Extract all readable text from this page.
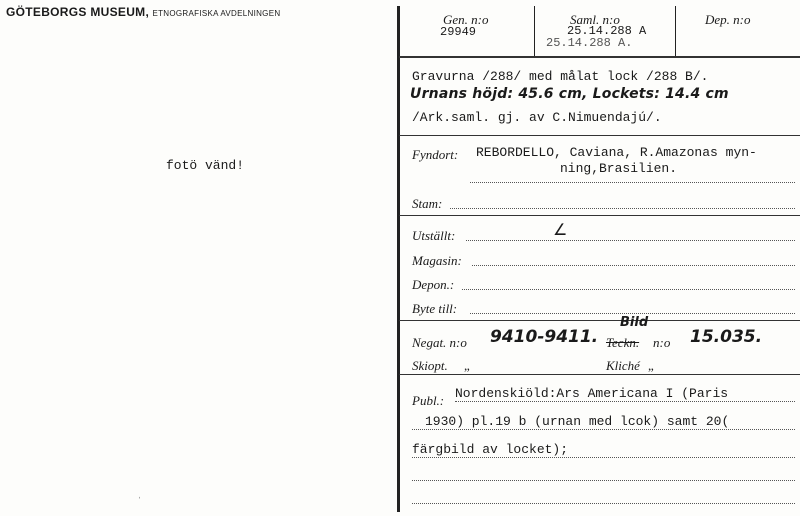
GÖTEBORGS MUSEUM, ETNOGRAFISKA AVDELNINGEN
fotö vänd!
ˌ
Gen. n:o
29949
Saml. n:o
25.14.288 A
25.14.288 A.
Dep. n:o
Gravurna /288/ med målat lock /288 B/.
Urnans höjd: 45.6 cm, Lockets: 14.4 cm
/Ark.saml. gj. av C.Nimuendajú/.
Fyndort: REBORDELLO, Caviana, R.Amazonas myn-
ning,Brasilien.
Stam:
Utställt:	∠
Magasin:
Depon.:
Byte till:
Negat. n:o 9410-9411.
Bild
Teckn. n:o 15.035.
Skiopt. „	Kliché „
Publ.: Nordenskiöld:Ars Americana I (Paris
1930) pl.19 b (urnan med lcok) samt 20(
färgbild av locket);
